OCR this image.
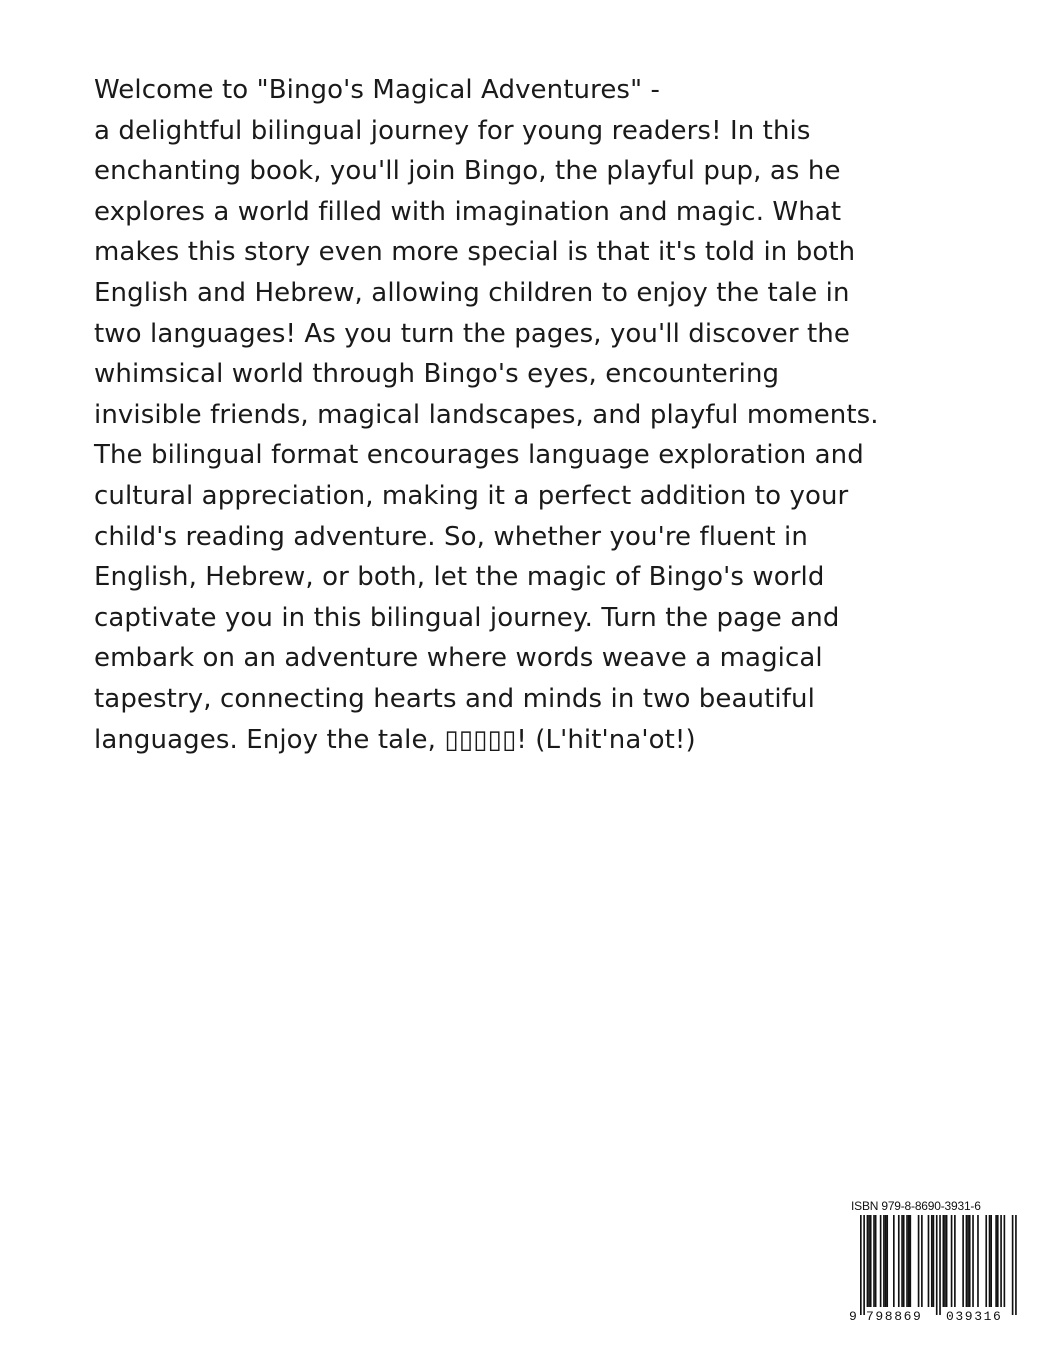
Welcome to "Bingo's Magical Adventures" -
a delightful bilingual journey for young readers! In this
enchanting book, you'll join Bingo, the playful pup, as he
explores a world filled with imagination and magic. What
makes this story even more special is that it's told in both
English and Hebrew, allowing children to enjoy the tale in
two languages! As you turn the pages, you'll discover the
whimsical world through Bingo's eyes, encountering
invisible friends, magical landscapes, and playful moments.
The bilingual format encourages language exploration and
cultural appreciation, making it a perfect addition to your
child's reading adventure. So, whether you're fluent in
English, Hebrew, or both, let the magic of Bingo's world
captivate you in this bilingual journey. Turn the page and
embark on an adventure where words weave a magical
tapestry, connecting hearts and minds in two beautiful
languages. Enjoy the tale, ▯▯▯▯▯! (L'hit'na'ot!)
ISBN 979-8-8690-3931-6
9 798869 039316
